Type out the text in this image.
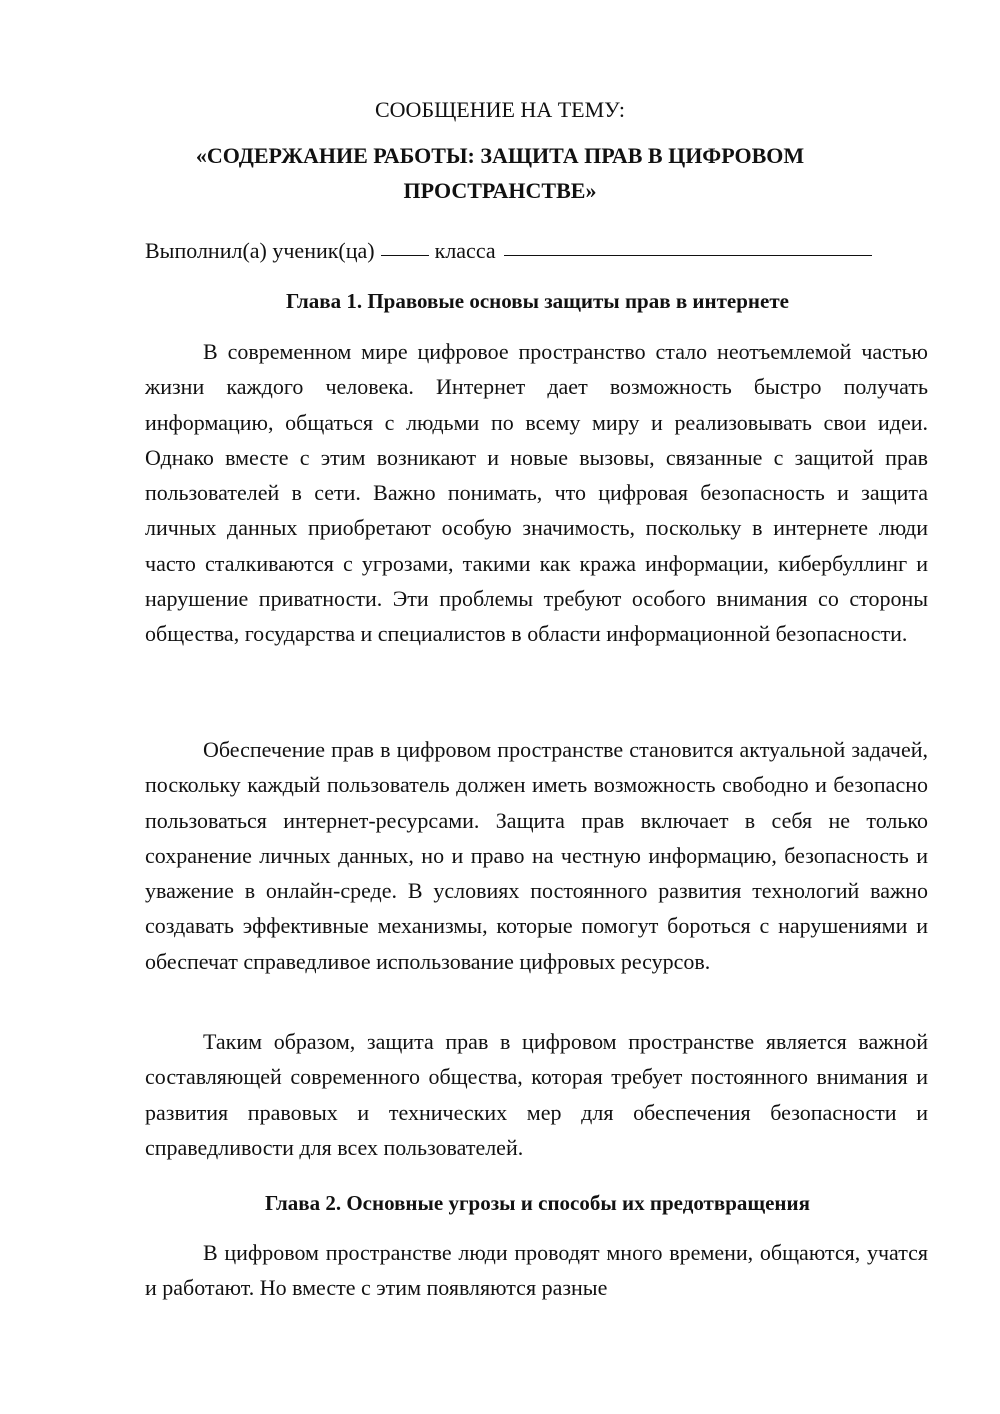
СООБЩЕНИЕ НА ТЕМУ:

«СОДЕРЖАНИЕ РАБОТЫ: ЗАЩИТА ПРАВ В ЦИФРОВОМ ПРОСТРАНСТВЕ»

Выполнил(а) ученик(ца)	класса
Глава 1. Правовые основы защиты прав в интернете

В современном мире цифровое пространство стало неотъемлемой частью жизни каждого человека. Интернет дает возможность быстро получать информацию, общаться с людьми по всему миру и реализовывать свои идеи. Однако вместе с этим возникают и новые вызовы, связанные с защитой прав пользователей в сети. Важно понимать, что цифровая безопасность и защита личных данных приобретают особую значимость, поскольку в интернете люди часто сталкиваются с угрозами, такими как кража информации, кибербуллинг и нарушение приватности. Эти проблемы требуют особого внимания со стороны общества, государства и специалистов в области информационной безопасности.

Обеспечение прав в цифровом пространстве становится актуальной задачей, поскольку каждый пользователь должен иметь возможность свободно и безопасно пользоваться интернет-ресурсами. Защита прав включает в себя не только сохранение личных данных, но и право на честную информацию, безопасность и уважение в онлайн-среде. В условиях постоянного развития технологий важно создавать эффективные механизмы, которые помогут бороться с нарушениями и обеспечат справедливое использование цифровых ресурсов.

Таким образом, защита прав в цифровом пространстве является важной составляющей современного общества, которая требует постоянного внимания и развития правовых и технических мер для обеспечения безопасности и справедливости для всех пользователей.

Глава 2. Основные угрозы и способы их предотвращения

В цифровом пространстве люди проводят много времени, общаются, учатся и работают. Но вместе с этим появляются разные
